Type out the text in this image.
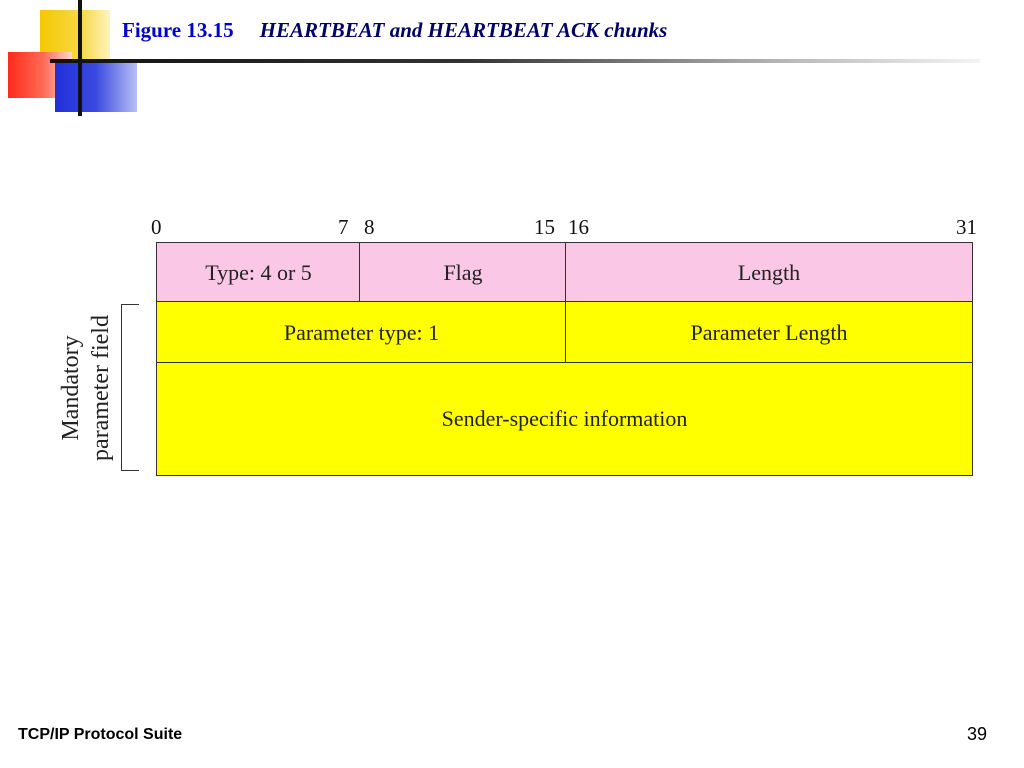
Figure 13.15 HEARTBEAT and HEARTBEAT ACK chunks
0	7 8	15 16	31
Type: 4 or 5	Flag	Length
Parameter type: 1	Parameter Length
Sender-specific information
Mandatory parameter field
TCP/IP Protocol Suite	39
